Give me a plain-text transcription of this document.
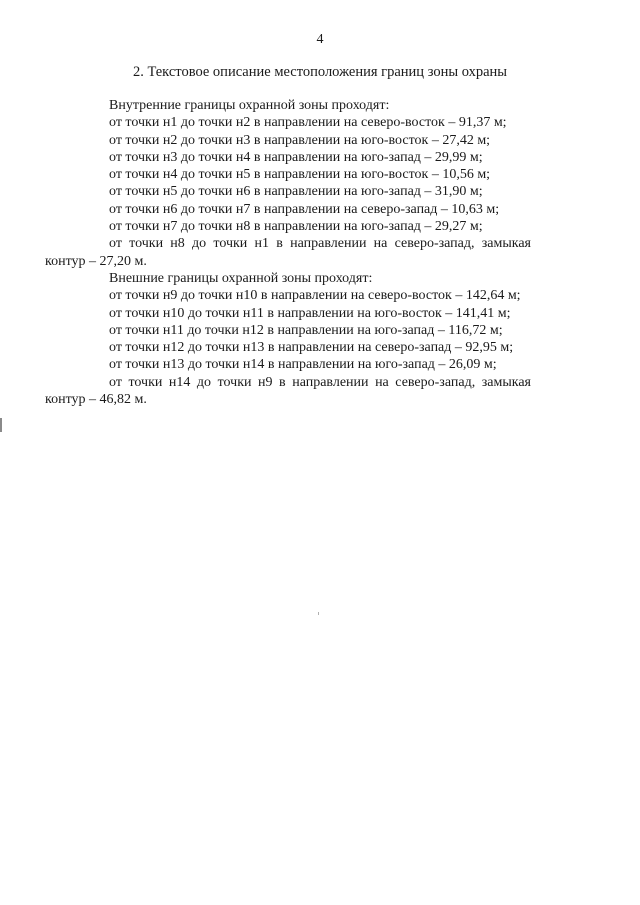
4
2. Текстовое описание местоположения границ зоны охраны
Внутренние границы охранной зоны проходят:
от точки н1 до точки н2 в направлении на северо-восток – 91,37 м;
от точки н2 до точки н3 в направлении на юго-восток – 27,42 м;
от точки н3 до точки н4 в направлении на юго-запад – 29,99 м;
от точки н4 до точки н5 в направлении на юго-восток – 10,56 м;
от точки н5 до точки н6 в направлении на юго-запад – 31,90 м;
от точки н6 до точки н7 в направлении на северо-запад – 10,63 м;
от точки н7 до точки н8 в направлении на юго-запад – 29,27 м;
от точки н8 до точки н1 в направлении на северо-запад, замыкая
контур – 27,20 м.
Внешние границы охранной зоны проходят:
от точки н9 до точки н10 в направлении на северо-восток – 142,64 м;
от точки н10 до точки н11 в направлении на юго-восток – 141,41 м;
от точки н11 до точки н12 в направлении на юго-запад – 116,72 м;
от точки н12 до точки н13 в направлении на северо-запад – 92,95 м;
от точки н13 до точки н14 в направлении на юго-запад – 26,09 м;
от точки н14 до точки н9 в направлении на северо-запад, замыкая
контур – 46,82 м.
